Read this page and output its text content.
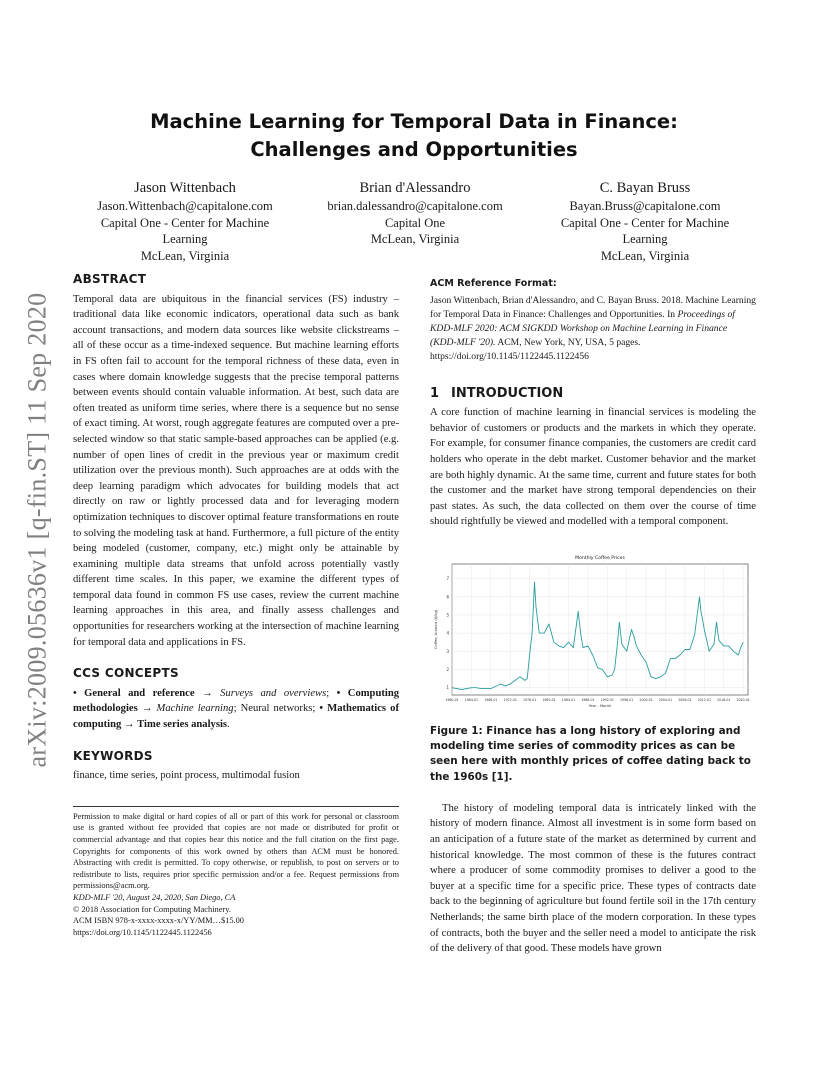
arXiv:2009.05636v1 [q-fin.ST] 11 Sep 2020
Machine Learning for Temporal Data in Finance:
Challenges and Opportunities
Jason Wittenbach
Jason.Wittenbach@capitalone.com
Capital One - Center for Machine
Learning
McLean, Virginia
Brian d'Alessandro
brian.dalessandro@capitalone.com
Capital One
McLean, Virginia
C. Bayan Bruss
Bayan.Bruss@capitalone.com
Capital One - Center for Machine
Learning
McLean, Virginia
ABSTRACT

Temporal data are ubiquitous in the financial services (FS) industry – traditional data like economic indicators, operational data such as bank account transactions, and modern data sources like website clickstreams – all of these occur as a time-indexed sequence. But machine learning efforts in FS often fail to account for the temporal richness of these data, even in cases where domain knowledge suggests that the precise temporal patterns between events should contain valuable information. At best, such data are often treated as uniform time series, where there is a sequence but no sense of exact timing. At worst, rough aggregate features are computed over a pre-selected window so that static sample-based approaches can be applied (e.g. number of open lines of credit in the previous year or maximum credit utilization over the previous month). Such approaches are at odds with the deep learning paradigm which advocates for building models that act directly on raw or lightly processed data and for leveraging modern optimization techniques to discover optimal feature transformations en route to solving the modeling task at hand. Furthermore, a full picture of the entity being modeled (customer, company, etc.) might only be attainable by examining multiple data streams that unfold across potentially vastly different time scales. In this paper, we examine the different types of temporal data found in common FS use cases, review the current machine learning approaches in this area, and finally assess challenges and opportunities for researchers working at the intersection of machine learning for temporal data and applications in FS.

CCS CONCEPTS

• General and reference → Surveys and overviews; • Computing methodologies → Machine learning; Neural networks; • Mathematics of computing → Time series analysis.

KEYWORDS

finance, time series, point process, multimodal fusion

Permission to make digital or hard copies of all or part of this work for personal or classroom use is granted without fee provided that copies are not made or distributed for profit or commercial advantage and that copies bear this notice and the full citation on the first page. Copyrights for components of this work owned by others than ACM must be honored. Abstracting with credit is permitted. To copy otherwise, or republish, to post on servers or to redistribute to lists, requires prior specific permission and/or a fee. Request permissions from permissions@acm.org.

KDD-MLF '20, August 24, 2020, San Diego, CA

© 2018 Association for Computing Machinery.

ACM ISBN 978-x-xxxx-xxxx-x/YY/MM…$15.00

https://doi.org/10.1145/1122445.1122456

ACM Reference Format:

Jason Wittenbach, Brian d'Alessandro, and C. Bayan Bruss. 2018. Machine Learning for Temporal Data in Finance: Challenges and Opportunities. In Proceedings of KDD-MLF 2020: ACM SIGKDD Workshop on Machine Learning in Finance (KDD-MLF '20). ACM, New York, NY, USA, 5 pages. https://doi.org/10.1145/1122445.1122456

1 INTRODUCTION

A core function of machine learning in financial services is modeling the behavior of customers or products and the markets in which they operate. For example, for consumer finance companies, the customers are credit card holders who operate in the debt market. Customer behavior and the market are both highly dynamic. At the same time, current and future states for both the customer and the market have strong temporal dependencies on their past states. As such, the data collected on them over the course of time should rightfully be viewed and modelled with a temporal component.

Monthly Coffee Prices
1
2
3
4
5
6
7
1960-01 1964-01 1968-01 1972-01 1976-01 1980-01 1984-01 1988-01 1992-01 1996-01 2000-01 2004-01 2008-01 2012-01 2016-01 2020-01
Year - Month
Coffee, Arabica ($/kg)

Figure 1: Finance has a long history of exploring and modeling time series of commodity prices as can be seen here with monthly prices of coffee dating back to the 1960s [1].

The history of modeling temporal data is intricately linked with the history of modern finance. Almost all investment is in some form based on an anticipation of a future state of the market as determined by current and historical knowledge. The most common of these is the futures contract where a producer of some commodity promises to deliver a good to the buyer at a specific time for a specific price. These types of contracts date back to the beginning of agriculture but found fertile soil in the 17th century Netherlands; the same birth place of the modern corporation. In these types of contracts, both the buyer and the seller need a model to anticipate the risk of the delivery of that good. These models have grown
